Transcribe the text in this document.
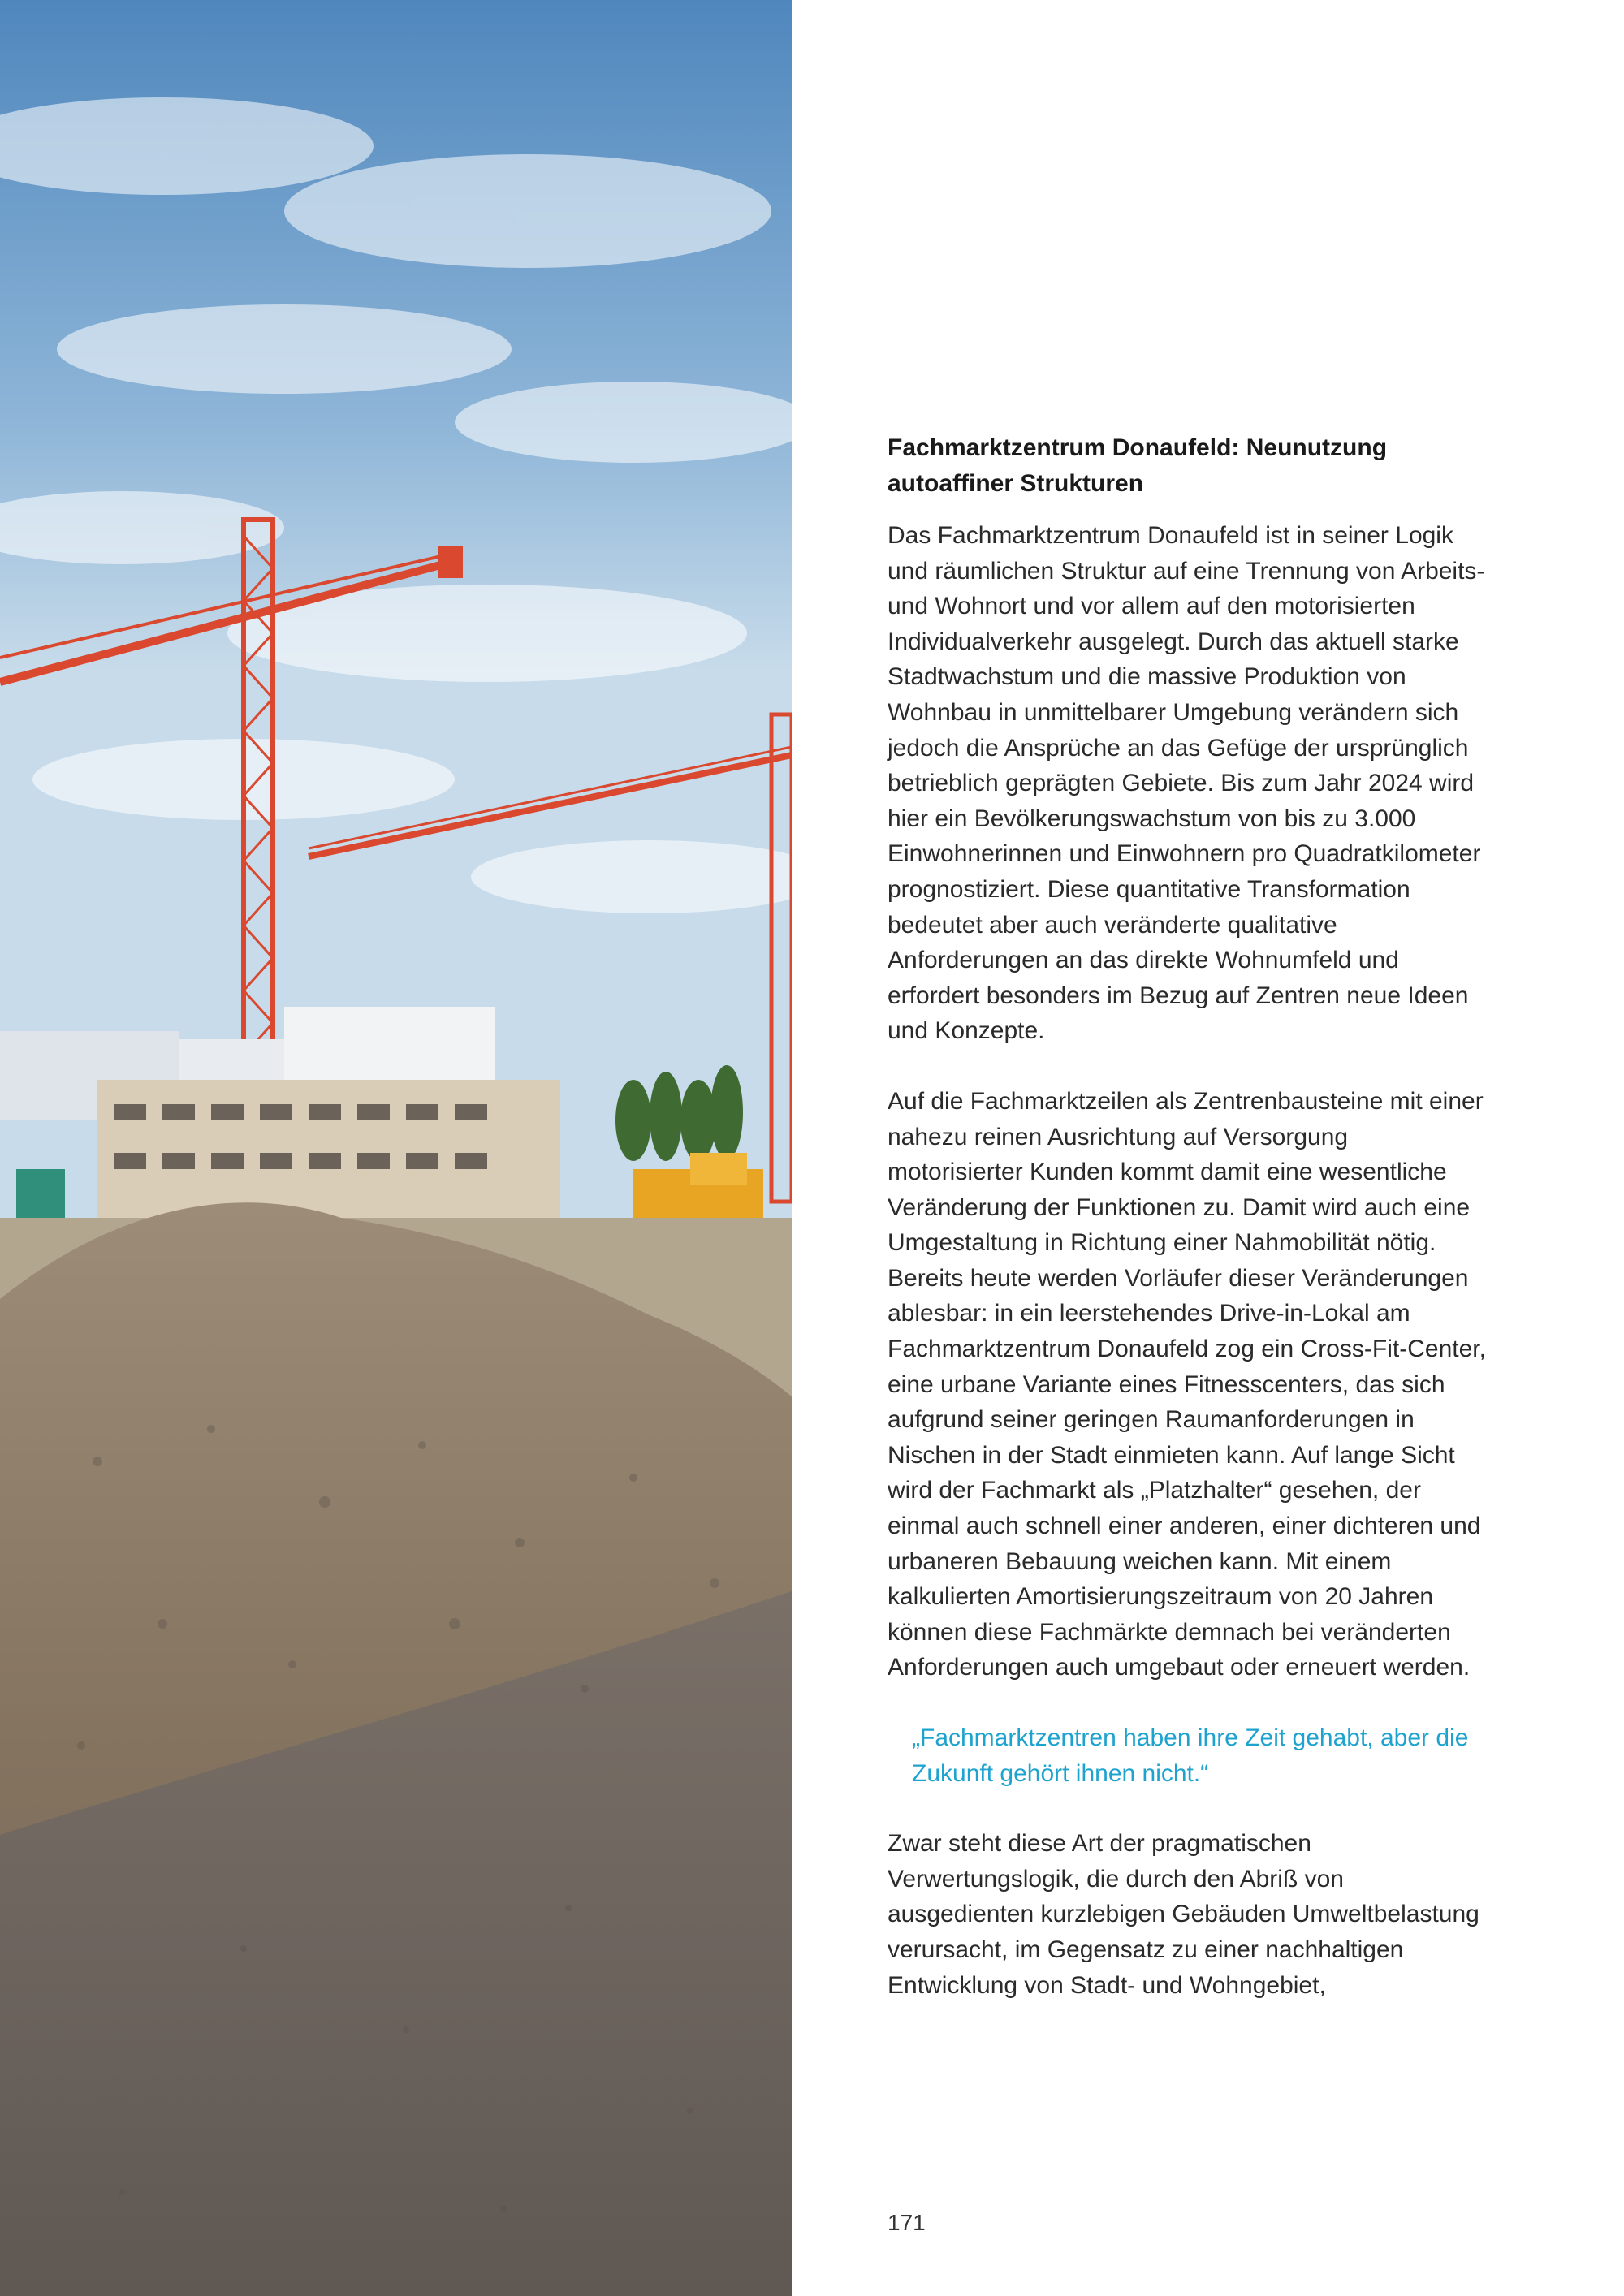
Fachmarktzentrum Donaufeld: Neunutzung
autoaffiner Strukturen

Das Fachmarktzentrum Donaufeld ist in seiner Logik und räumlichen Struktur auf eine Trennung von Arbeits- und Wohnort und vor allem auf den motorisierten Individualverkehr ausgelegt. Durch das aktuell starke Stadtwachstum und die massive Produktion von Wohnbau in unmittelbarer Umgebung verändern sich jedoch die Ansprüche an das Gefüge der ursprünglich betrieblich geprägten Gebiete. Bis zum Jahr 2024 wird hier ein Bevölkerungswachstum von bis zu 3.000 Einwohnerinnen und Einwohnern pro Quadratkilometer prognostiziert. Diese quantitative Transformation bedeutet aber auch veränderte qualitative Anforderungen an das direkte Wohnumfeld und erfordert besonders im Bezug auf Zentren neue Ideen und Konzepte.

Auf die Fachmarktzeilen als Zentrenbausteine mit einer nahezu reinen Ausrichtung auf Versorgung motorisierter Kunden kommt damit eine wesentliche Veränderung der Funktionen zu. Damit wird auch eine Umgestaltung in Richtung einer Nahmobilität nötig. Bereits heute werden Vorläufer dieser Veränderungen ablesbar: in ein leerstehendes Drive-in-Lokal am Fachmarktzentrum Donaufeld zog ein Cross-Fit-Center, eine urbane Variante eines Fitnesscenters, das sich aufgrund seiner geringen Raumanforderungen in Nischen in der Stadt einmieten kann. Auf lange Sicht wird der Fachmarkt als „Platzhalter“ gesehen, der einmal auch schnell einer anderen, einer dichteren und urbaneren Bebauung weichen kann. Mit einem kalkulierten Amortisierungszeitraum von 20 Jahren können diese Fachmärkte demnach bei veränderten Anforderungen auch umgebaut oder erneuert werden.

„Fachmarktzentren haben ihre Zeit gehabt, aber die Zukunft gehört ihnen nicht.“

Zwar steht diese Art der pragmatischen Verwertungslogik, die durch den Abriß von ausgedienten kurzlebigen Gebäuden Umweltbelastung verursacht, im Gegensatz zu einer nachhaltigen Entwicklung von Stadt- und Wohngebiet,

171
